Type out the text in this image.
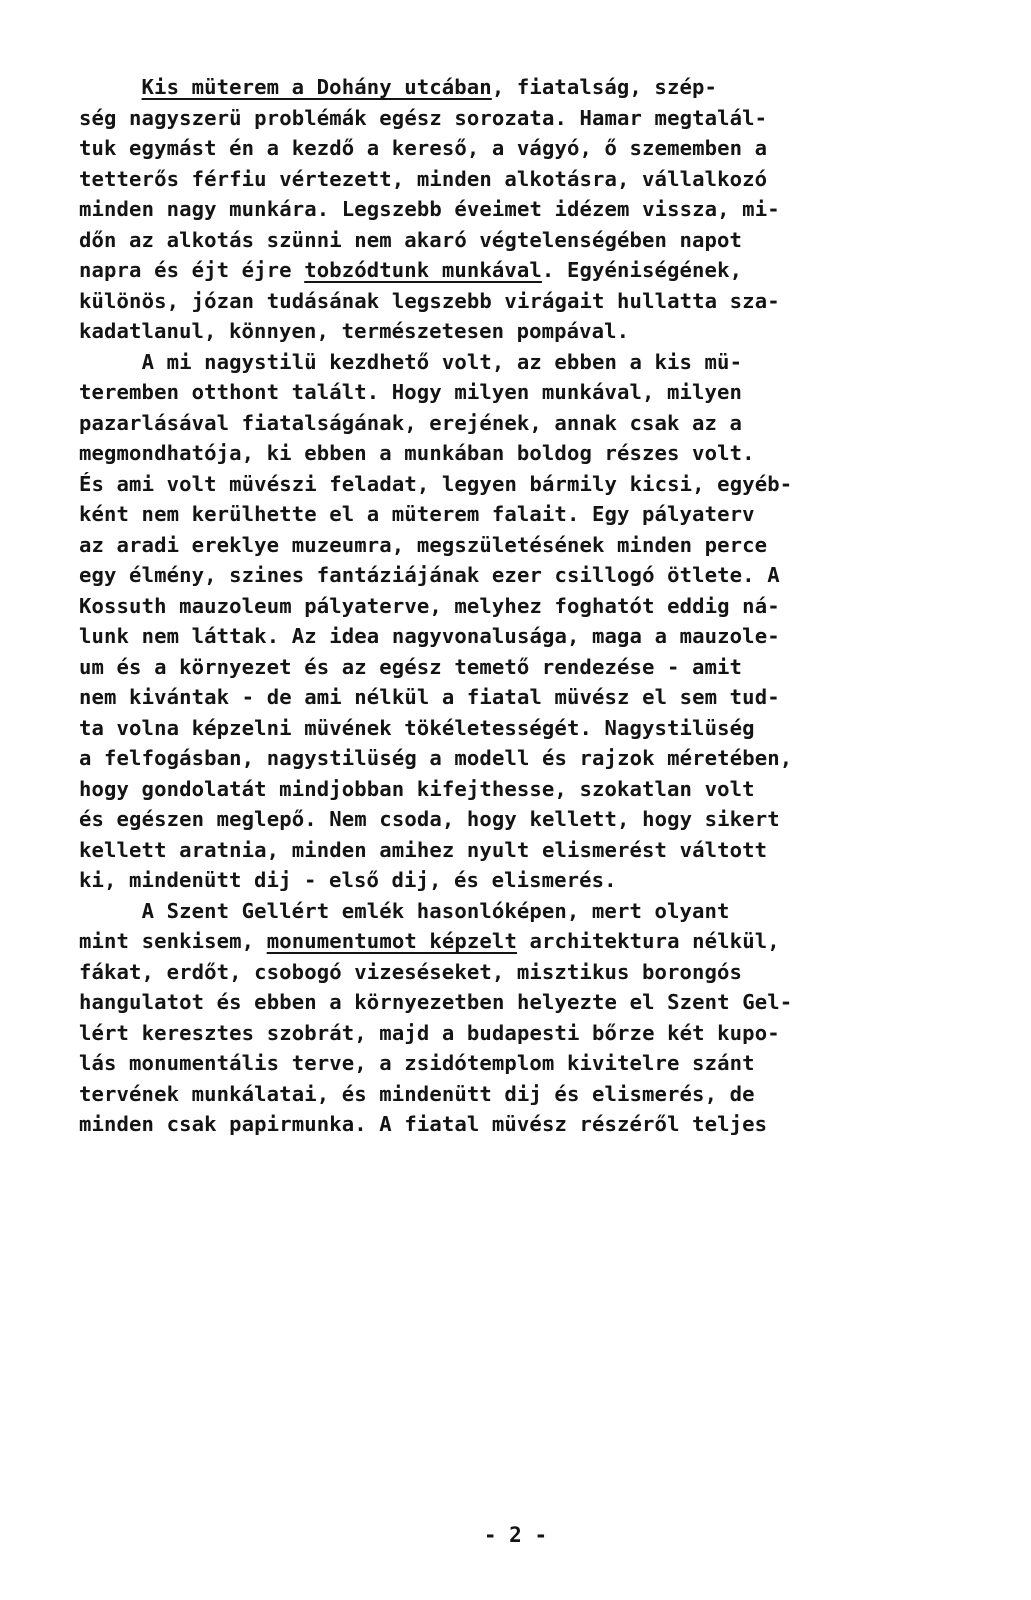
Kis müterem a Dohány utcában, fiatalság, szép-
ség nagyszerü problémák egész sorozata. Hamar megtalál-
tuk egymást én a kezdő a kereső, a vágyó, ő szememben a
tetterős férfiu vértezett, minden alkotásra, vállalkozó
minden nagy munkára. Legszebb éveimet idézem vissza, mi-
dőn az alkotás szünni nem akaró végtelenségében napot
napra és éjt éjre tobzódtunk munkával. Egyéniségének,
különös, józan tudásának legszebb virágait hullatta sza-
kadatlanul, könnyen, természetesen pompával.
A mi nagystilü kezdhető volt, az ebben a kis mü-
teremben otthont talált. Hogy milyen munkával, milyen
pazarlásával fiatalságának, erejének, annak csak az a
megmondhatója, ki ebben a munkában boldog részes volt.
És ami volt müvészi feladat, legyen bármily kicsi, egyéb-
ként nem kerülhette el a müterem falait. Egy pályaterv
az aradi ereklye muzeumra, megszületésének minden perce
egy élmény, szines fantáziájának ezer csillogó ötlete. A
Kossuth mauzoleum pályaterve, melyhez foghatót eddig ná-
lunk nem láttak. Az idea nagyvonalusága, maga a mauzole-
um és a környezet és az egész temető rendezése - amit
nem kivántak - de ami nélkül a fiatal müvész el sem tud-
ta volna képzelni müvének tökéletességét. Nagystilüség
a felfogásban, nagystilüség a modell és rajzok méretében,
hogy gondolatát mindjobban kifejthesse, szokatlan volt
és egészen meglepő. Nem csoda, hogy kellett, hogy sikert
kellett aratnia, minden amihez nyult elismerést váltott
ki, mindenütt dij - első dij, és elismerés.
A Szent Gellért emlék hasonlóképen, mert olyant
mint senkisem, monumentumot képzelt architektura nélkül,
fákat, erdőt, csobogó vizeséseket, misztikus borongós
hangulatot és ebben a környezetben helyezte el Szent Gel-
lért keresztes szobrát, majd a budapesti bőrze két kupo-
lás monumentális terve, a zsidótemplom kivitelre szánt
tervének munkálatai, és mindenütt dij és elismerés, de
minden csak papirmunka. A fiatal müvész részéről teljes
- 2 -
